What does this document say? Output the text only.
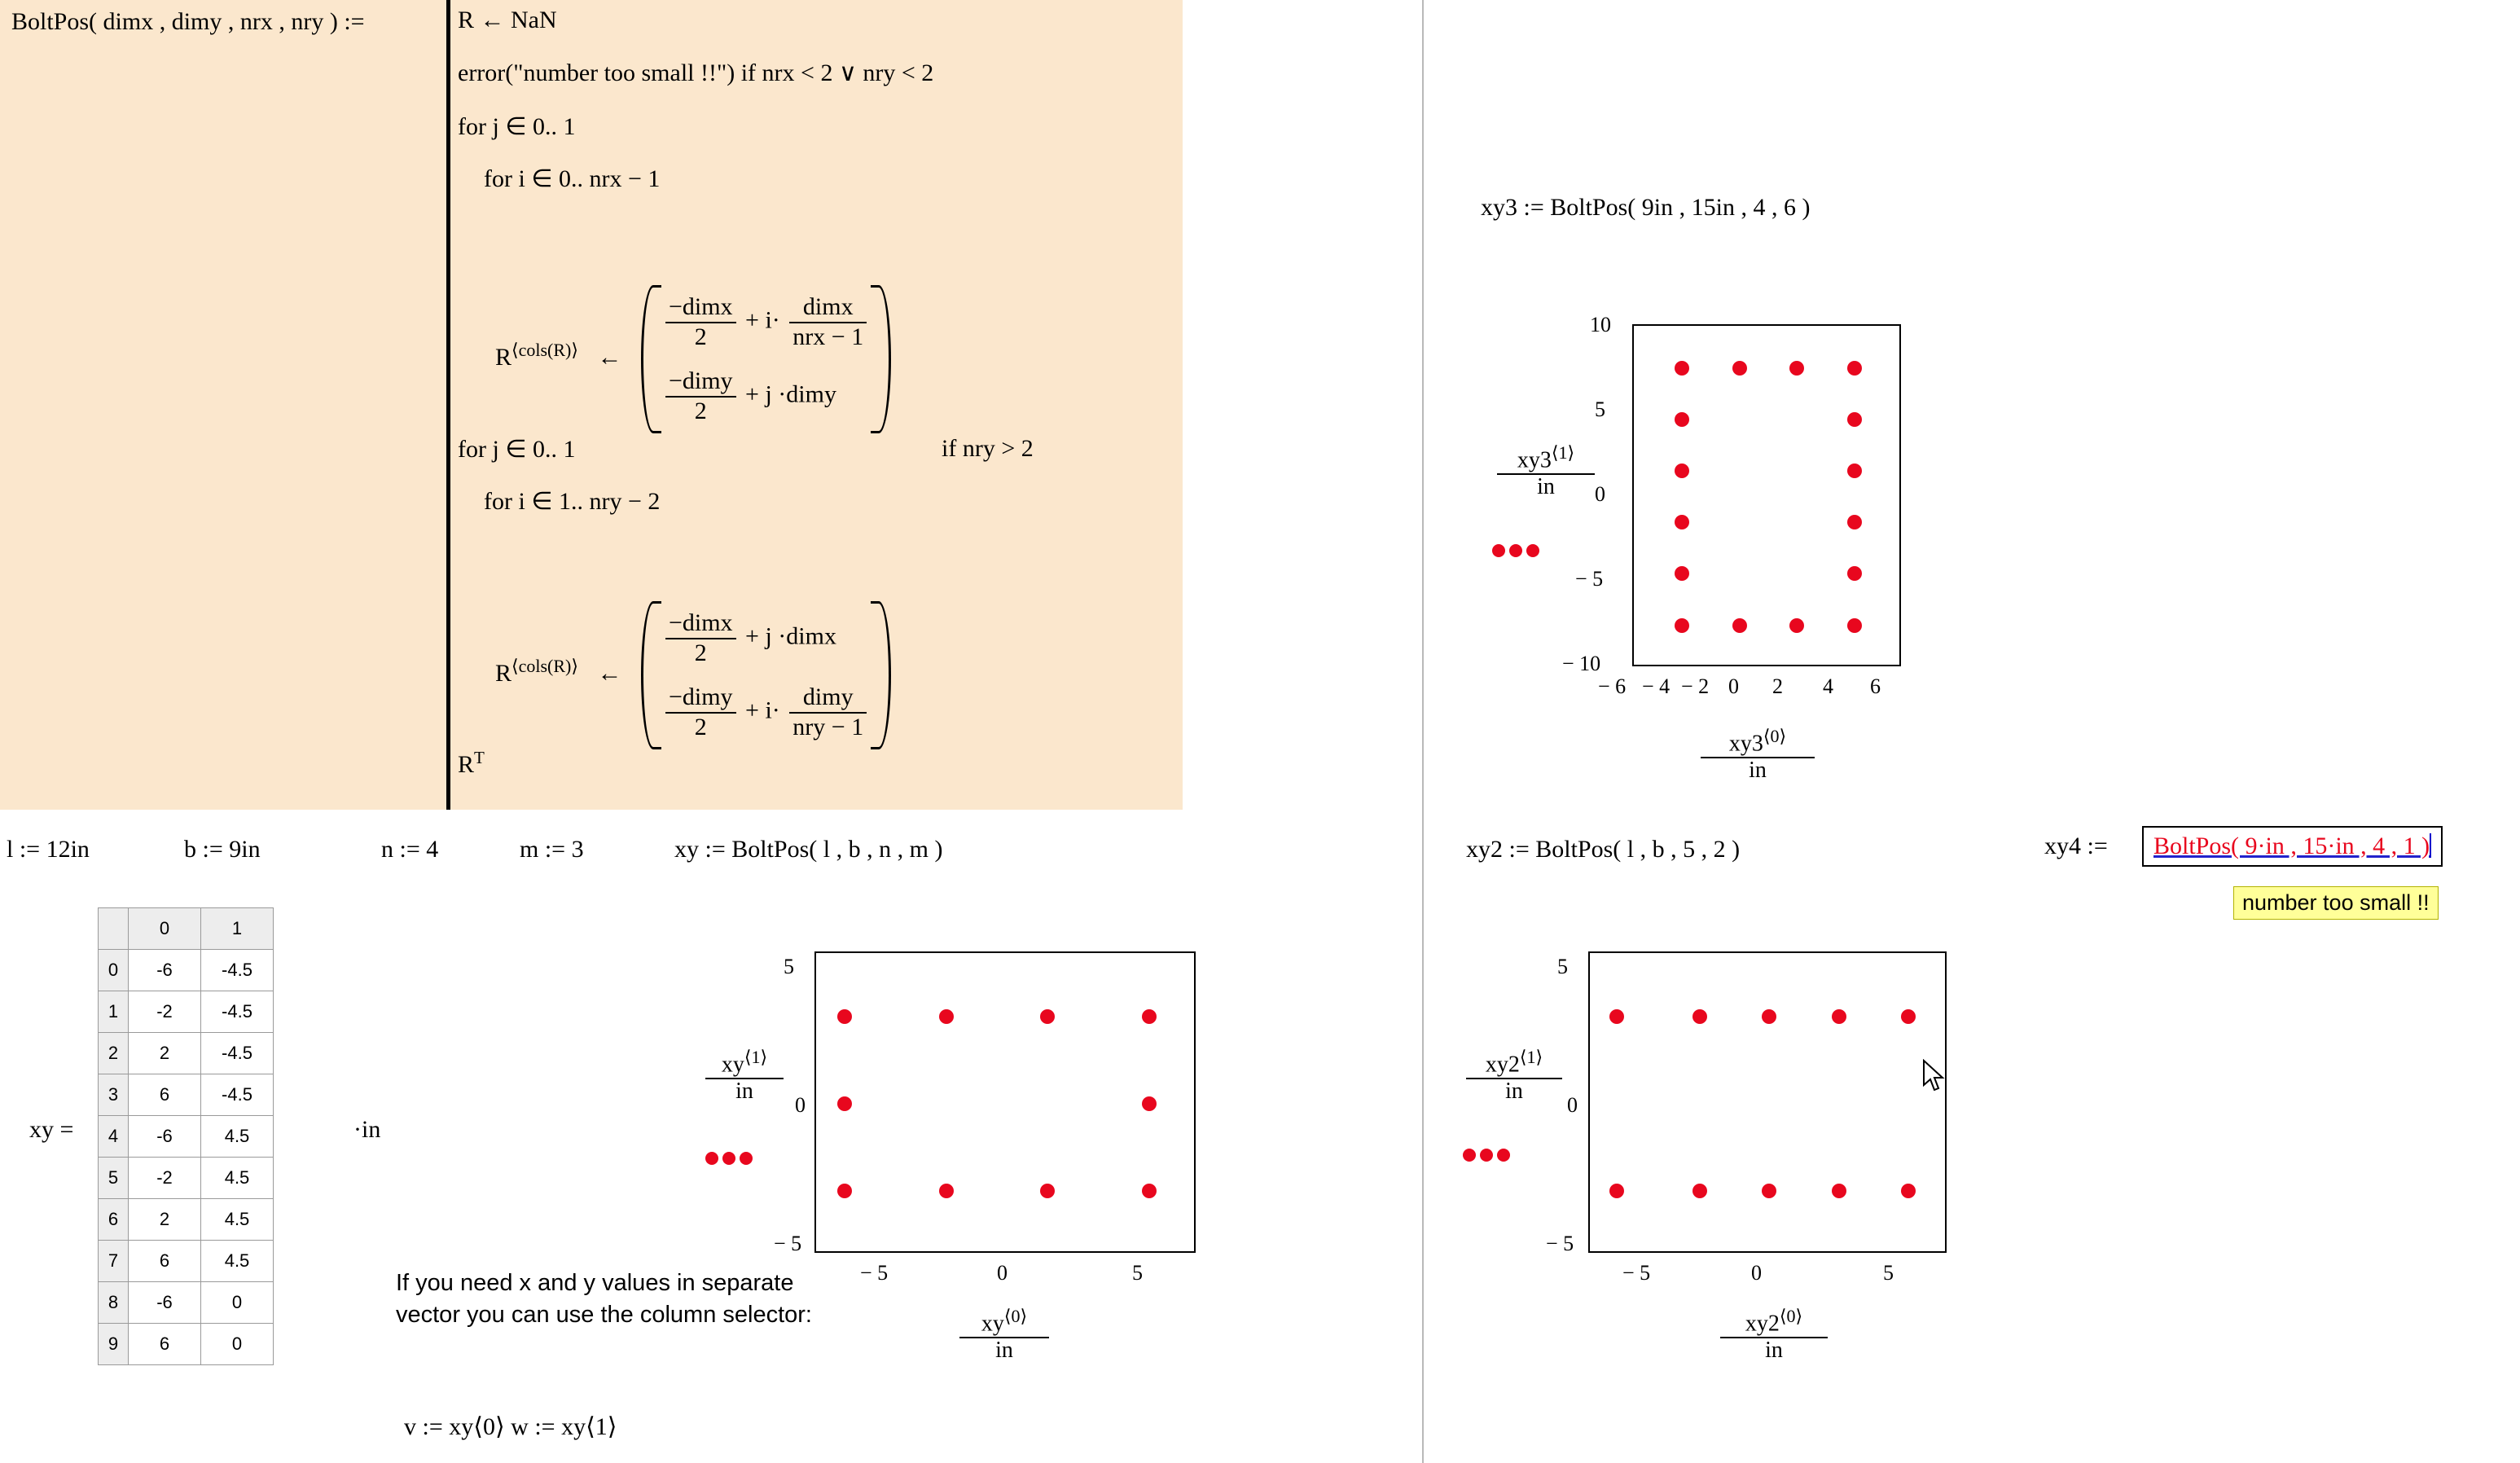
BoltPos( dimx , dimy , nrx , nry ) :=	R ← NaN
error("number too small !!") if nrx < 2 ∨ nry < 2
for j ∈ 0.. 1
for i ∈ 0.. nrx − 1
$R^{⟨cols(R)⟩}$ ←
$\frac{\text{−dimx}}{2} + i\cdot \frac{\text{dimx}}{\text{nrx − 1}}$
$\frac{\text{−dimy}}{2} + j$ ·dimy
for j ∈ 0.. 1	if nry > 2
for i ∈ 1.. nry − 2
$R^{⟨cols(R)⟩}$ ←
$\frac{\text{−dimx}}{2} + j$ ·dimx
$\frac{\text{−dimy}}{2} + i\cdot \frac{\text{dimy}}{\text{nry − 1}}$
$R^T$
l := 12in	b := 9in	n := 4	m := 3	xy := BoltPos( l , b , n , m )
xy =
	0	1
0	-6	-4.5
1	-2	-4.5
2	2	-4.5
3	6	-4.5
4	-6	4.5
5	-2	4.5
6	2	4.5
7	6	4.5
8	-6	0
9	6	0
·in
If you need x and y values in separate vector you can use the column selector:
v := xy⟨0⟩ w := xy⟨1⟩
5
0
− 5
− 5	0	5
$xy^{⟨1⟩}$
in
$xy^{⟨0⟩}$
in
xy3 := BoltPos( 9in , 15in , 4 , 6 )
10
5
0
− 5
− 10
− 6 − 4 − 2 0 2 4 6
$xy3^{⟨1⟩}$
in
$xy3^{⟨0⟩}$
in
xy2 := BoltPos( l , b , 5 , 2 )
5
0
− 5
− 5	0	5
$xy2^{⟨1⟩}$
in
$xy2^{⟨0⟩}$
in
xy4 :=	BoltPos( 9·in , 15·in , 4 , 1 )
number too small !!
